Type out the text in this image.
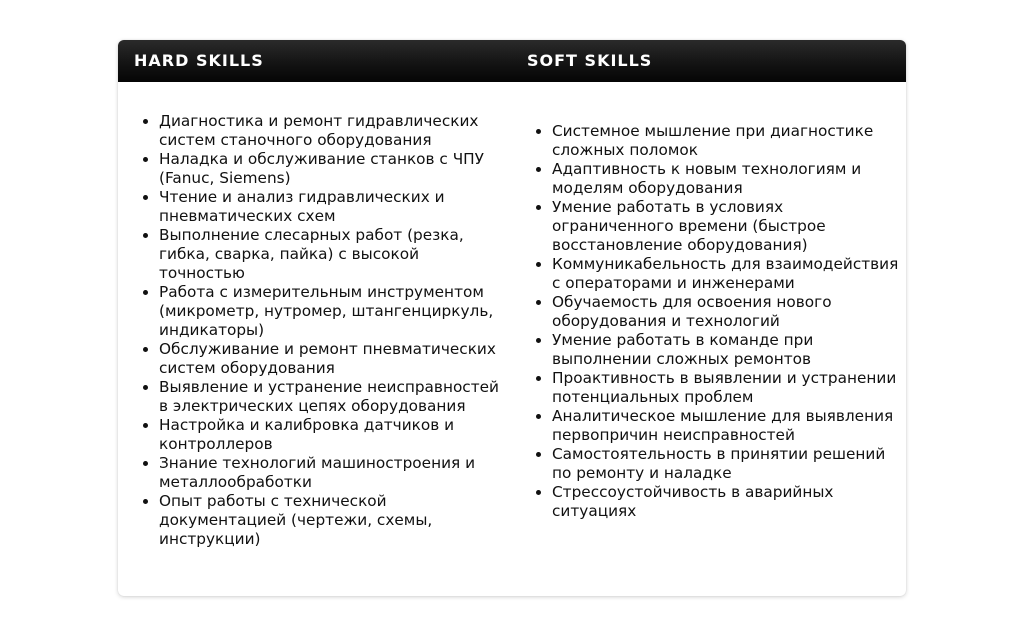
HARD SKILLS	SOFT SKILLS
• Диагностика и ремонт гидравлических систем станочного оборудования
• Наладка и обслуживание станков с ЧПУ (Fanuc, Siemens)
• Чтение и анализ гидравлических и пневматических схем
• Выполнение слесарных работ (резка, гибка, сварка, пайка) с высокой точностью
• Работа с измерительным инструментом (микрометр, нутромер, штангенциркуль, индикаторы)
• Обслуживание и ремонт пневматических систем оборудования
• Выявление и устранение неисправностей в электрических цепях оборудования
• Настройка и калибровка датчиков и контроллеров
• Знание технологий машиностроения и металлообработки
• Опыт работы с технической документацией (чертежи, схемы, инструкции)
• Системное мышление при диагностике сложных поломок
• Адаптивность к новым технологиям и моделям оборудования
• Умение работать в условиях ограниченного времени (быстрое восстановление оборудования)
• Коммуникабельность для взаимодействия с операторами и инженерами
• Обучаемость для освоения нового оборудования и технологий
• Умение работать в команде при выполнении сложных ремонтов
• Проактивность в выявлении и устранении потенциальных проблем
• Аналитическое мышление для выявления первопричин неисправностей
• Самостоятельность в принятии решений по ремонту и наладке
• Стрессоустойчивость в аварийных ситуациях
